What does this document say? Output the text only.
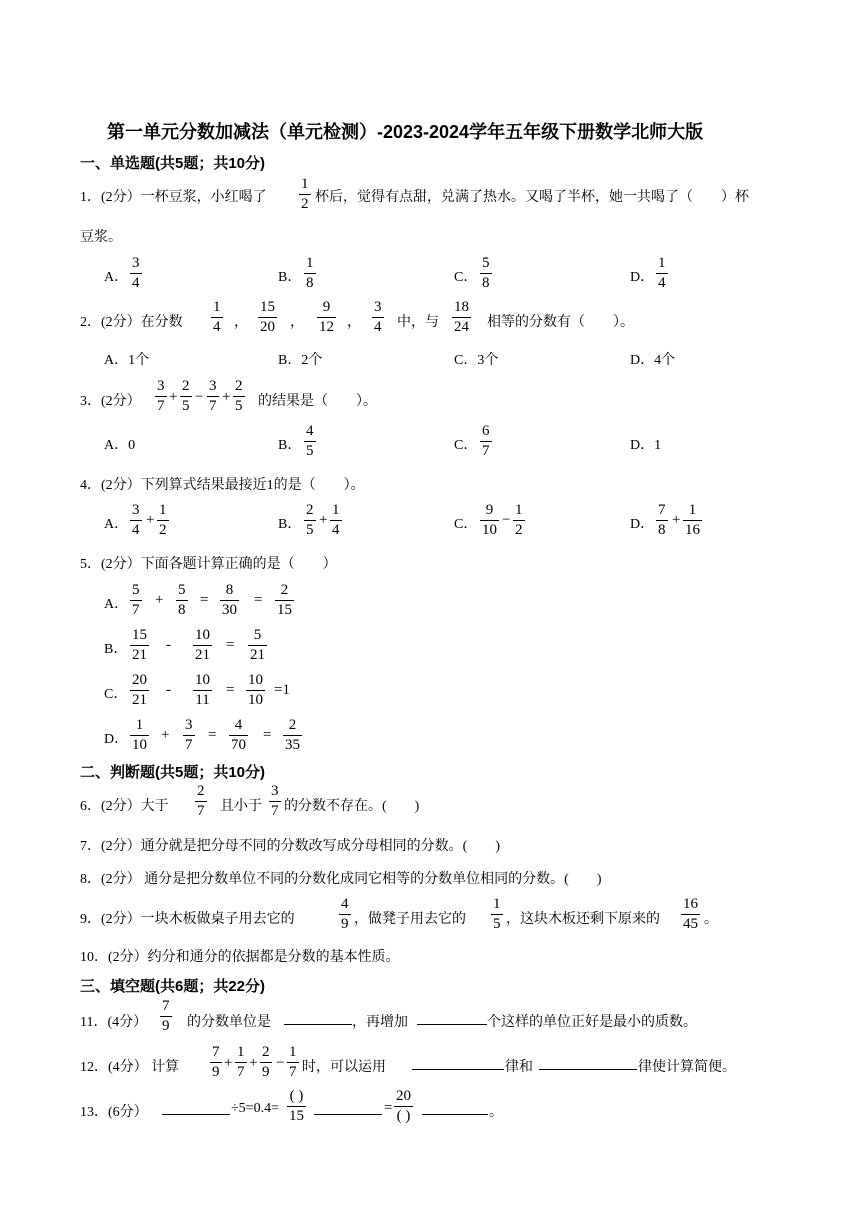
第一单元分数加减法（单元检测）-2023-2024学年五年级下册数学北师大版
一、单选题(共5题；共10分)
1．(2分）一杯豆浆，小红喝了
1
2 杯后，觉得有点甜，兑满了热水。又喝了半杯，她一共喝了（　　）杯
豆浆。
A．
3
4	B．
1
8	C．
5
8	D．
1
4
2．(2分）在分数
1
4 ，
15
20 ，
9
12 ，
3
4 中，与
18
24 相等的分数有（　　）。
A．1个	B．2个	C．3个	D．4个
3．(2分）
3
7
+
2
5
−
3
7
+
2
5 的结果是（　　）。
A．0	B．
4
5	C．
6
7	D．1
4．(2分）下列算式结果最接近1的是（　　）。
A．
3
4
+
1
2	B．
2
5
+
1
4	C．
9
10
−
1
2	D．
7
8
+
1
16
5．(2分）下面各题计算正确的是（　　）
A．
5
7
+
5
8
=
8
30
=
2
15
B．
15
21
-
10
21
=
5
21
C．
20
21
-
10
11
=
10
10
=1
D．
1
10
+
3
7
=
4
70
=
2
35
二、判断题(共5题；共10分)
6．(2分）大于
2
7 且小于
3
7 的分数不存在。(　　)
7．(2分）通分就是把分母不同的分数改写成分母相同的分数。(　　)
8．(2分） 通分是把分数单位不同的分数化成同它相等的分数单位相同的分数。(　　)
9．(2分）一块木板做桌子用去它的
4
9 ，做凳子用去它的
1
5 ，这块木板还剩下原来的
16
45 。
10．(2分）约分和通分的依据都是分数的基本性质。
三、填空题(共6题；共22分)
11．(4分）
7
9 的分数单位是	，再增加	个这样的单位正好是最小的质数。
12．(4分） 计算
7
9
+
1
7
+
2
9
−
1
7 时，可以运用	律和	律使计算简便。
13．(6分）	÷5=0.4=
( )
15	=
20
( )	。
